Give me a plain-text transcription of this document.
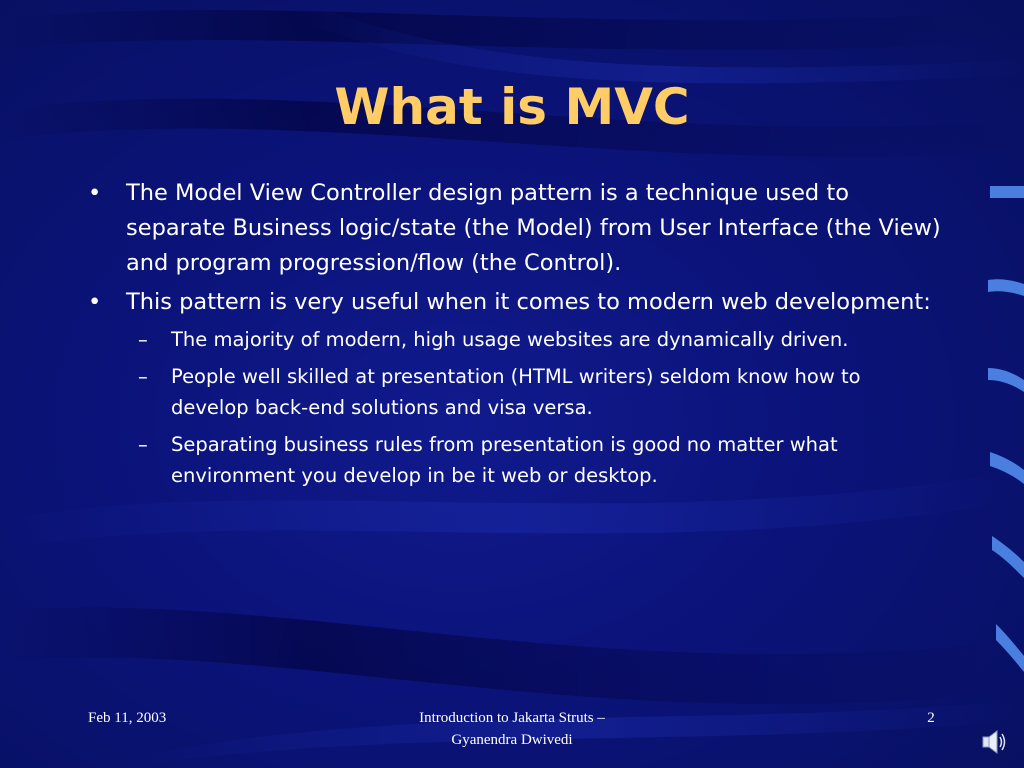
What is MVC
• The Model View Controller design pattern is a technique used to separate Business logic/state (the Model) from User Interface (the View) and program progression/flow (the Control).
• This pattern is very useful when it comes to modern web development:
– The majority of modern, high usage websites are dynamically driven.
– People well skilled at presentation (HTML writers) seldom know how to develop back-end solutions and visa versa.
– Separating business rules from presentation is good no matter what environment you develop in be it web or desktop.
Feb 11, 2003	Introduction to Jakarta Struts –
Gyanendra Dwivedi
2
